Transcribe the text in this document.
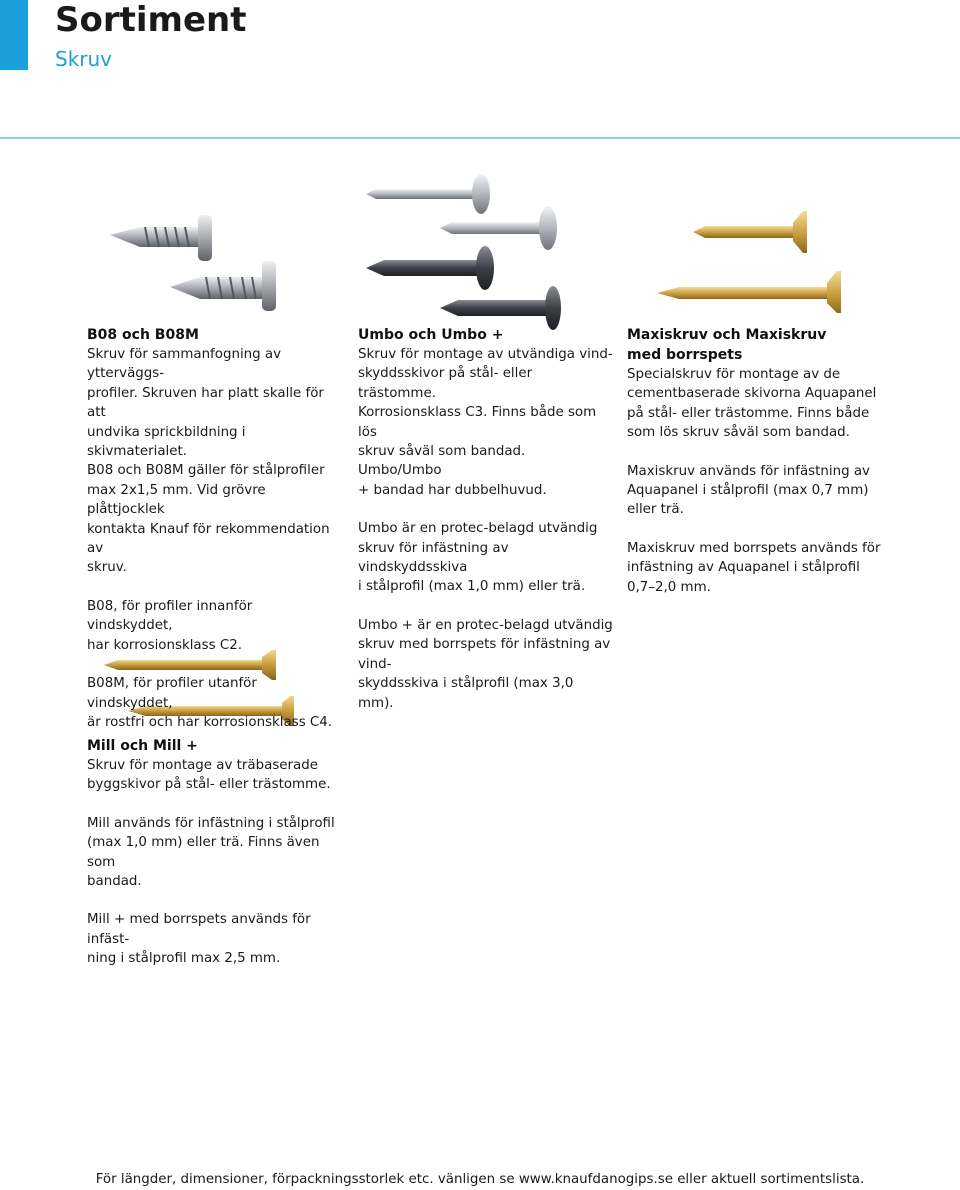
Sortiment
Skruv
B08 och B08M
Skruv för sammanfogning av ytterväggs-
profiler. Skruven har platt skalle för att
undvika sprickbildning i skivmaterialet.
B08 och B08M gäller för stålprofiler
max 2x1,5 mm. Vid grövre plåttjocklek
kontakta Knauf för rekommendation av
skruv.

B08, för profiler innanför vindskyddet,
har korrosionsklass C2.

B08M, för profiler utanför vindskyddet,
är rostfri och har korrosionsklass C4.

Umbo och Umbo +
Skruv för montage av utvändiga vind-
skyddsskivor på stål- eller trästomme.
Korrosionsklass C3. Finns både som lös
skruv såväl som bandad. Umbo/Umbo
+ bandad har dubbelhuvud.

Umbo är en protec-belagd utvändig
skruv för infästning av vindskyddsskiva
i stålprofil (max 1,0 mm) eller trä.

Umbo + är en protec-belagd utvändig
skruv med borrspets för infästning av vind-
skyddsskiva i stålprofil (max 3,0 mm).

Maxiskruv och Maxiskruv
med borrspets
Specialskruv för montage av de
cementbaserade skivorna Aquapanel
på stål- eller trästomme. Finns både
som lös skruv såväl som bandad.

Maxiskruv används för infästning av
Aquapanel i stålprofil (max 0,7 mm)
eller trä.

Maxiskruv med borrspets används för
infästning av Aquapanel i stålprofil
0,7–2,0 mm.

Mill och Mill +
Skruv för montage av träbaserade
byggskivor på stål- eller trästomme.

Mill används för infästning i stålprofil
(max 1,0 mm) eller trä. Finns även som
bandad.

Mill + med borrspets används för infäst-
ning i stålprofil max 2,5 mm.

För längder, dimensioner, förpackningsstorlek etc. vänligen se www.knaufdanogips.se eller aktuell sortimentslista.
